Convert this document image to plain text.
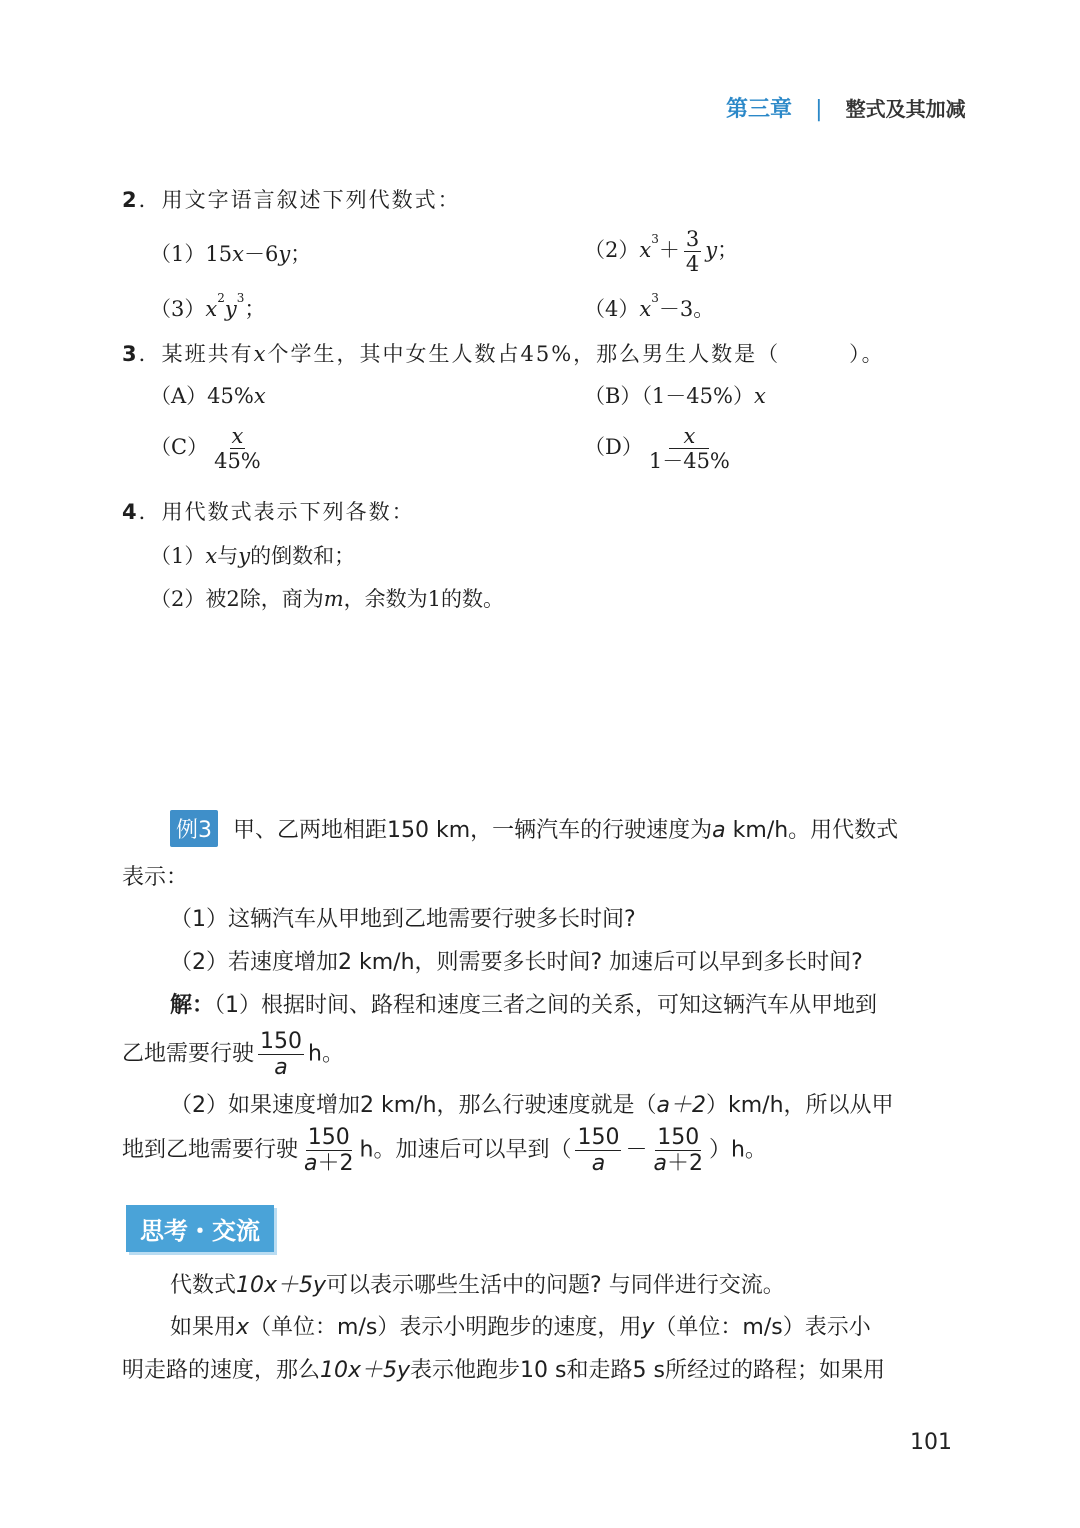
第三章 | 整式及其加减
2．用文字语言叙述下列代数式：
（1）15x－6y；	$(2)x^3+ \frac{3}{4}$ y；
$(3)x^2y^3$；	$(4)x^3-3$。
3．某班共有x个学生，其中女生人数占45%，那么男生人数是（　　　）。
（A）45%x	（B）（1－45%）x
$(C) \frac{x}{45\%}$	$(D) \frac{x}{1-45\%}$
4．用代数式表示下列各数：
（1）x与y的倒数和；
（2）被2除，商为m，余数为1的数。
例3 甲、乙两地相距150 km，一辆汽车的行驶速度为a km/h。用代数式
表示：
（1）这辆汽车从甲地到乙地需要行驶多长时间?
（2）若速度增加2 km/h，则需要多长时间? 加速后可以早到多长时间?
解：（1）根据时间、路程和速度三者之间的关系，可知这辆汽车从甲地到
乙地需要行驶 $\frac{150}{a}$ h。
（2）如果速度增加2 km/h，那么行驶速度就是（a＋2）km/h，所以从甲
地到乙地需要行驶 $\frac{150}{a+2}$ h。加速后可以早到（ $\frac{150}{a} - \frac{150}{a+2} )h$。
思考・交流
代数式10x＋5y可以表示哪些生活中的问题? 与同伴进行交流。
如果用x（单位：m/s）表示小明跑步的速度，用y（单位：m/s）表示小
明走路的速度，那么10x＋5y表示他跑步10 s和走路5 s所经过的路程；如果用
101
